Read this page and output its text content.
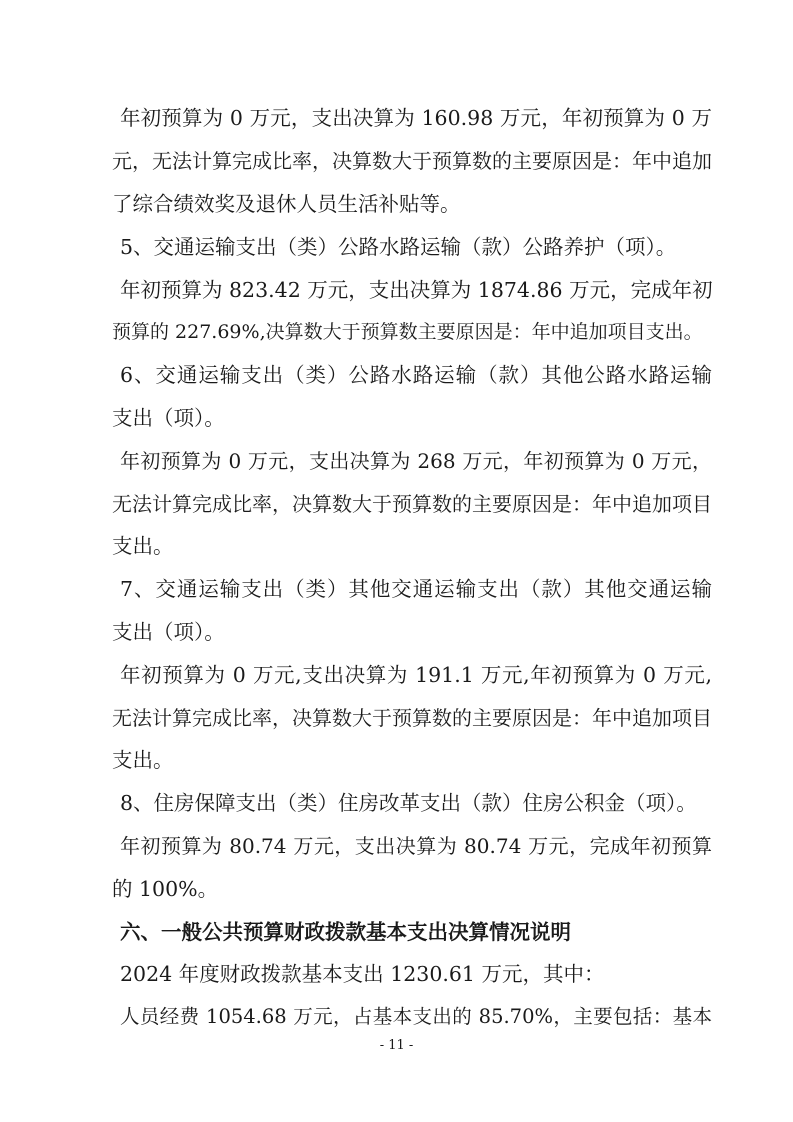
年初预算为 0 万元，支出决算为 160.98 万元，年初预算为 0 万
元，无法计算完成比率，决算数大于预算数的主要原因是：年中追加
了综合绩效奖及退休人员生活补贴等。
5、交通运输支出（类）公路水路运输（款）公路养护（项）。
年初预算为 823.42 万元，支出决算为 1874.86 万元，完成年初
预算的 227.69%,决算数大于预算数主要原因是：年中追加项目支出。
6、交通运输支出（类）公路水路运输（款）其他公路水路运输
支出（项）。
年初预算为 0 万元，支出决算为 268 万元，年初预算为 0 万元，
无法计算完成比率，决算数大于预算数的主要原因是：年中追加项目
支出。
7、交通运输支出（类）其他交通运输支出（款）其他交通运输
支出（项）。
年初预算为 0 万元,支出决算为 191.1 万元,年初预算为 0 万元,
无法计算完成比率，决算数大于预算数的主要原因是：年中追加项目
支出。
8、住房保障支出（类）住房改革支出（款）住房公积金（项）。
年初预算为 80.74 万元，支出决算为 80.74 万元，完成年初预算
的 100%。
六、一般公共预算财政拨款基本支出决算情况说明
2024 年度财政拨款基本支出 1230.61 万元，其中：
人员经费 1054.68 万元，占基本支出的 85.70%，主要包括：基本
- 11 -
